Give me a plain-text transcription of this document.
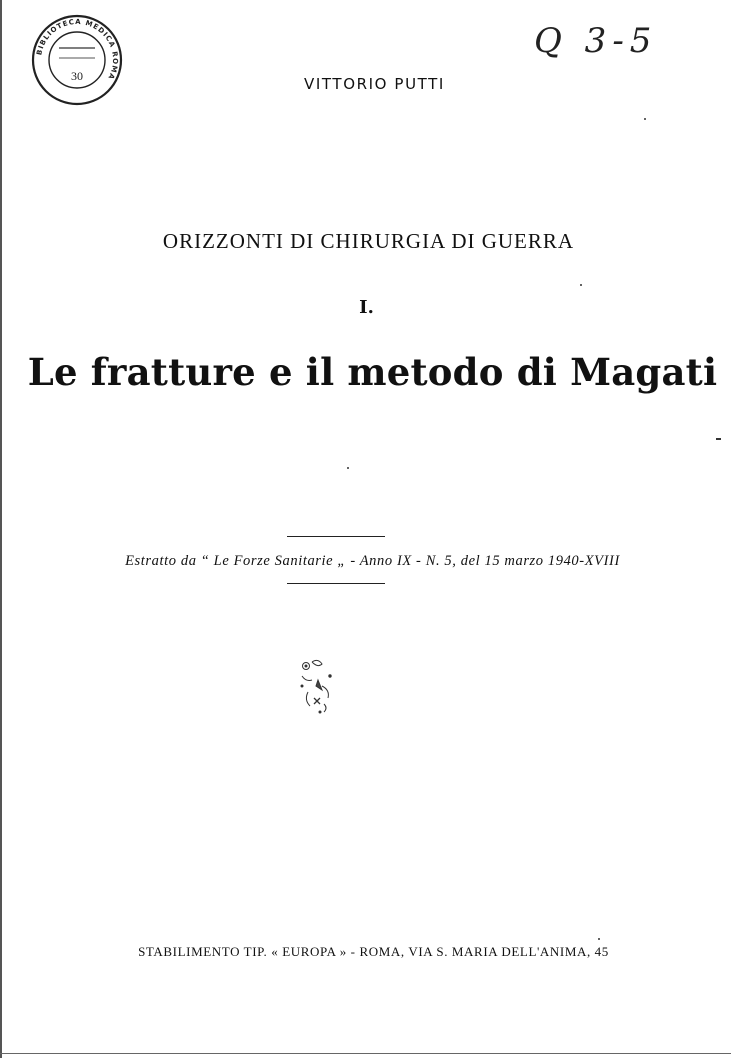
BIBLIOTECA MEDICA ROMA
30
Q 3-5
VITTORIO PUTTI
ORIZZONTI DI CHIRURGIA DI GUERRA
I.
Le fratture e il metodo di Magati
Estratto da “ Le Forze Sanitarie „ - Anno IX - N. 5, del 15 marzo 1940-XVIII
STABILIMENTO TIP. « EUROPA » - ROMA, VIA S. MARIA DELL'ANIMA, 45
